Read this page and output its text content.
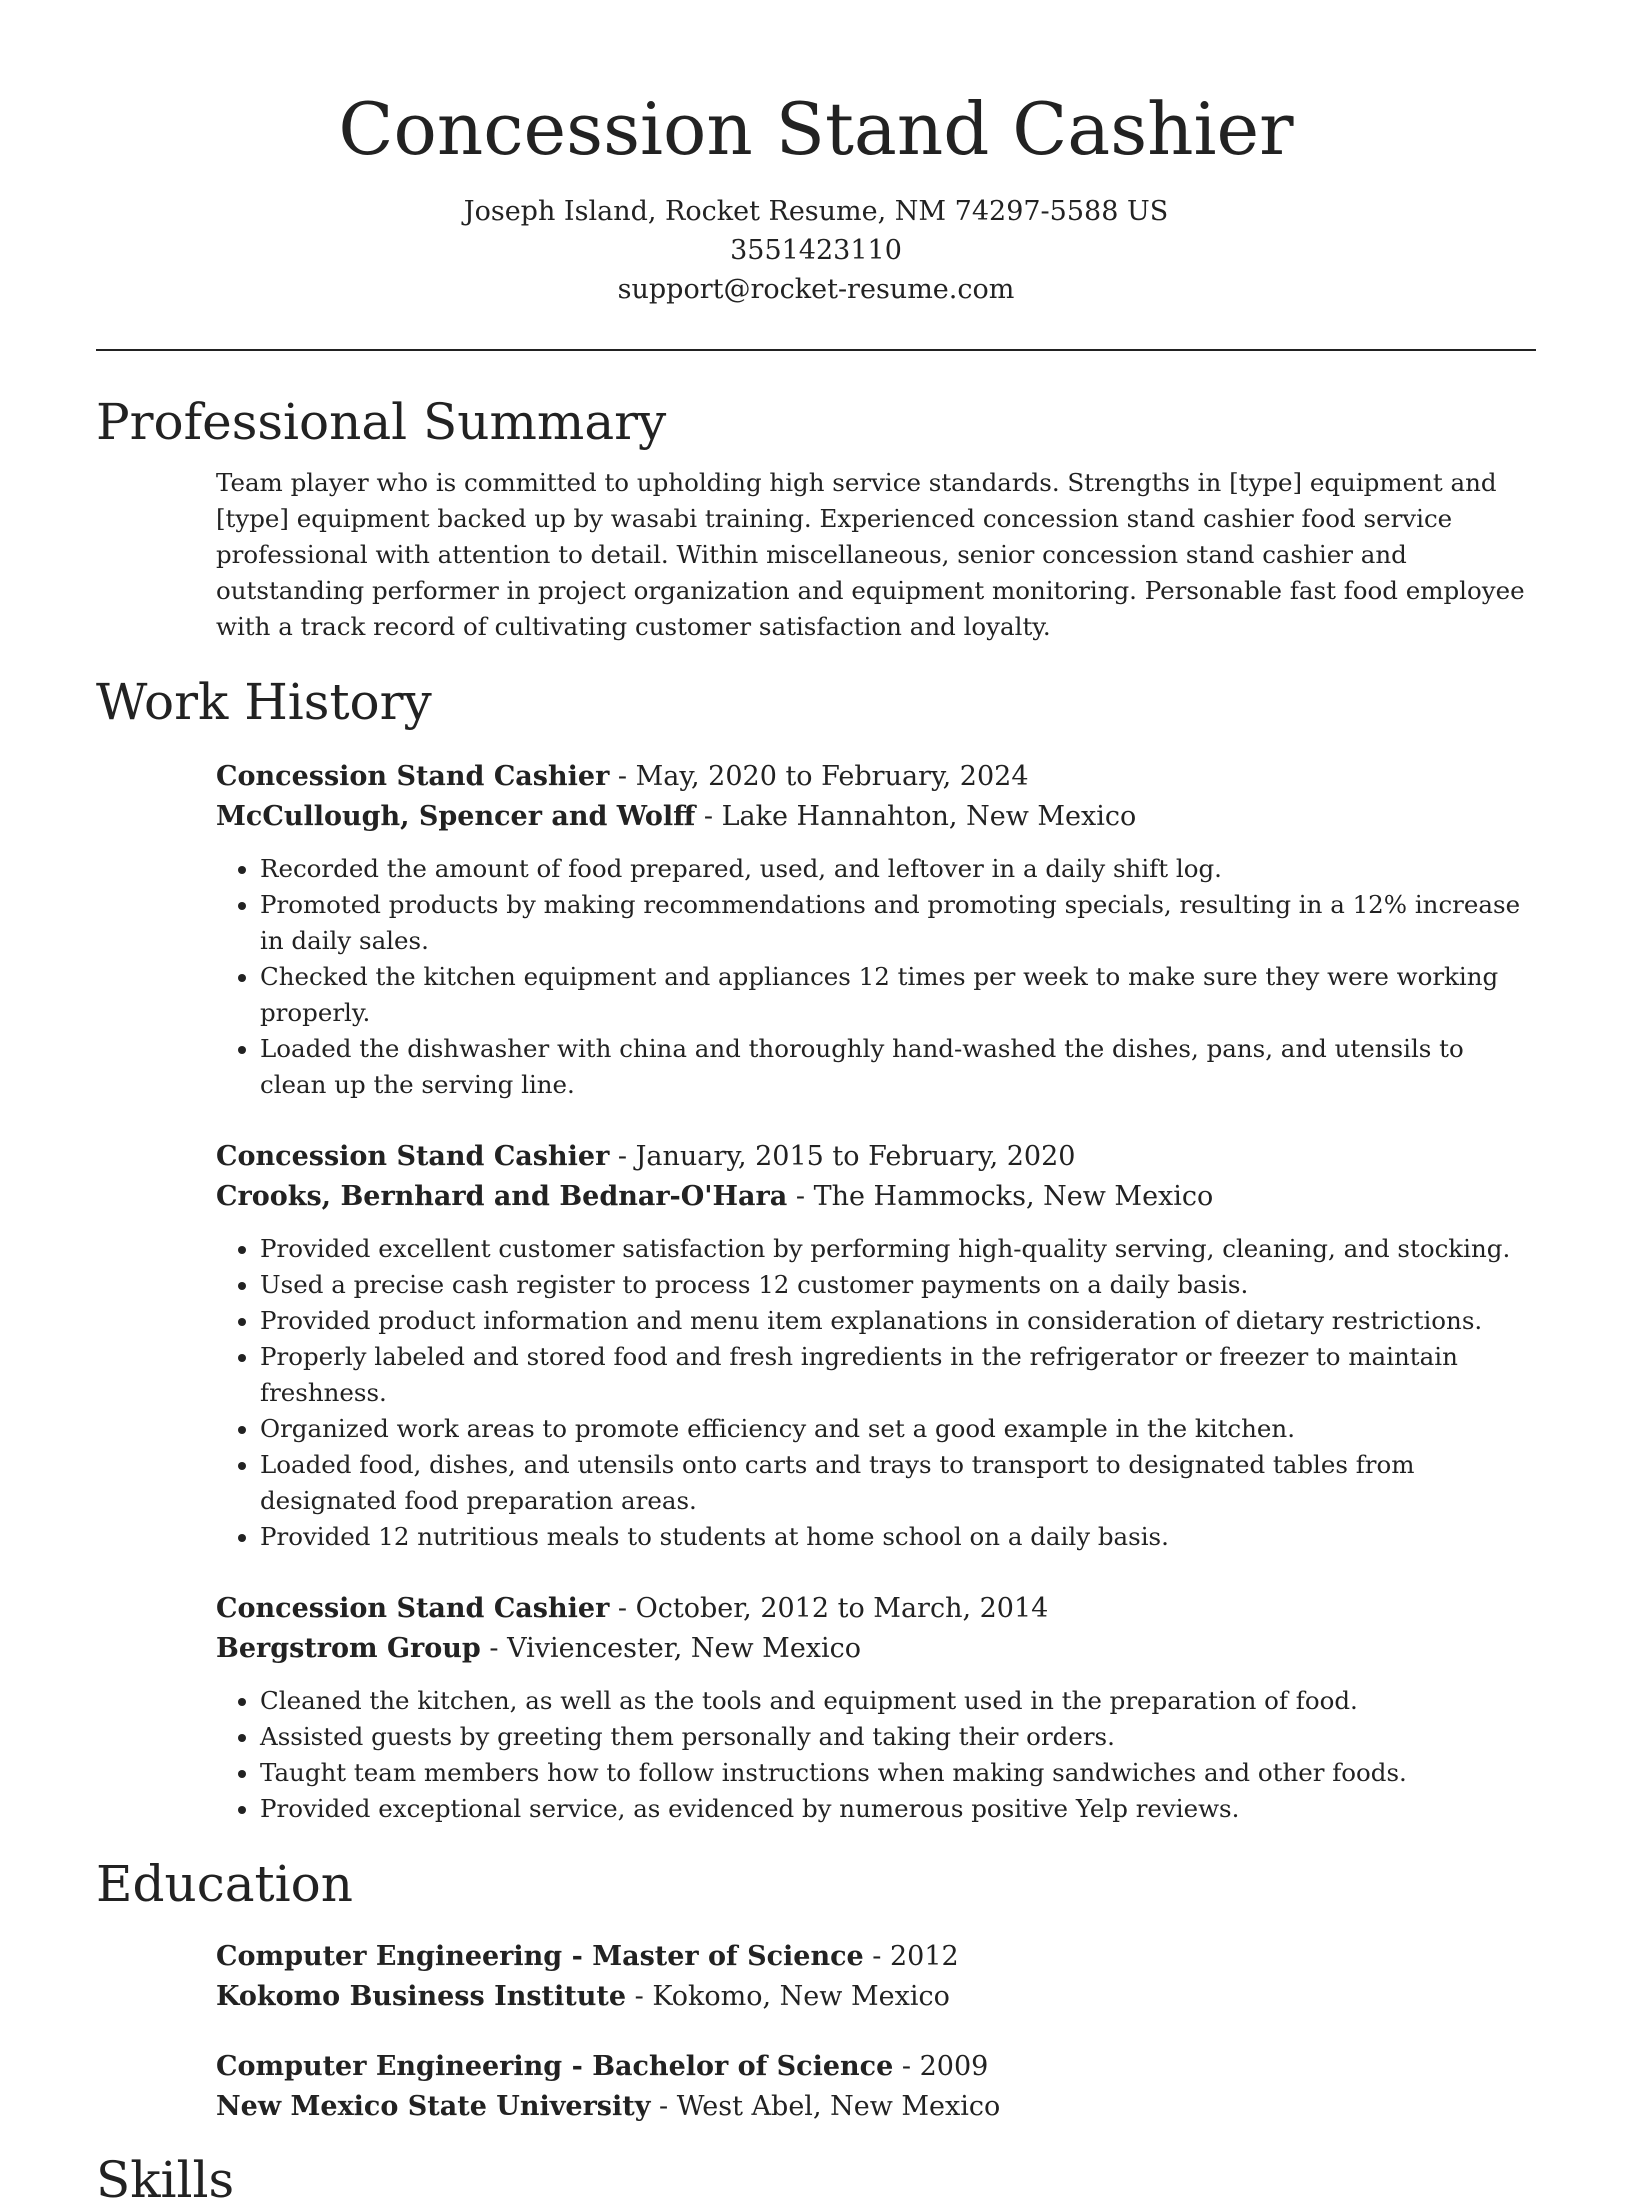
Concession Stand Cashier
Joseph Island, Rocket Resume, NM 74297-5588 US
3551423110
support@rocket-resume.com
Professional Summary

Team player who is committed to upholding high service standards. Strengths in [type] equipment and [type] equipment backed up by wasabi training. Experienced concession stand cashier food service professional with attention to detail. Within miscellaneous, senior concession stand cashier and outstanding performer in project organization and equipment monitoring. Personable fast food employee with a track record of cultivating customer satisfaction and loyalty.

Work History
Concession Stand Cashier - May, 2020 to February, 2024
McCullough, Spencer and Wolff - Lake Hannahton, New Mexico
• Recorded the amount of food prepared, used, and leftover in a daily shift log.
• Promoted products by making recommendations and promoting specials, resulting in a 12% increase in daily sales.
• Checked the kitchen equipment and appliances 12 times per week to make sure they were working properly.
• Loaded the dishwasher with china and thoroughly hand-washed the dishes, pans, and utensils to clean up the serving line.
Concession Stand Cashier - January, 2015 to February, 2020
Crooks, Bernhard and Bednar-O'Hara - The Hammocks, New Mexico
• Provided excellent customer satisfaction by performing high-quality serving, cleaning, and stocking.
• Used a precise cash register to process 12 customer payments on a daily basis.
• Provided product information and menu item explanations in consideration of dietary restrictions.
• Properly labeled and stored food and fresh ingredients in the refrigerator or freezer to maintain freshness.
• Organized work areas to promote efficiency and set a good example in the kitchen.
• Loaded food, dishes, and utensils onto carts and trays to transport to designated tables from designated food preparation areas.
• Provided 12 nutritious meals to students at home school on a daily basis.
Concession Stand Cashier - October, 2012 to March, 2014
Bergstrom Group - Viviencester, New Mexico
• Cleaned the kitchen, as well as the tools and equipment used in the preparation of food.
• Assisted guests by greeting them personally and taking their orders.
• Taught team members how to follow instructions when making sandwiches and other foods.
• Provided exceptional service, as evidenced by numerous positive Yelp reviews.
Education
Computer Engineering - Master of Science - 2012
Kokomo Business Institute - Kokomo, New Mexico
Computer Engineering - Bachelor of Science - 2009
New Mexico State University - West Abel, New Mexico
Skills
